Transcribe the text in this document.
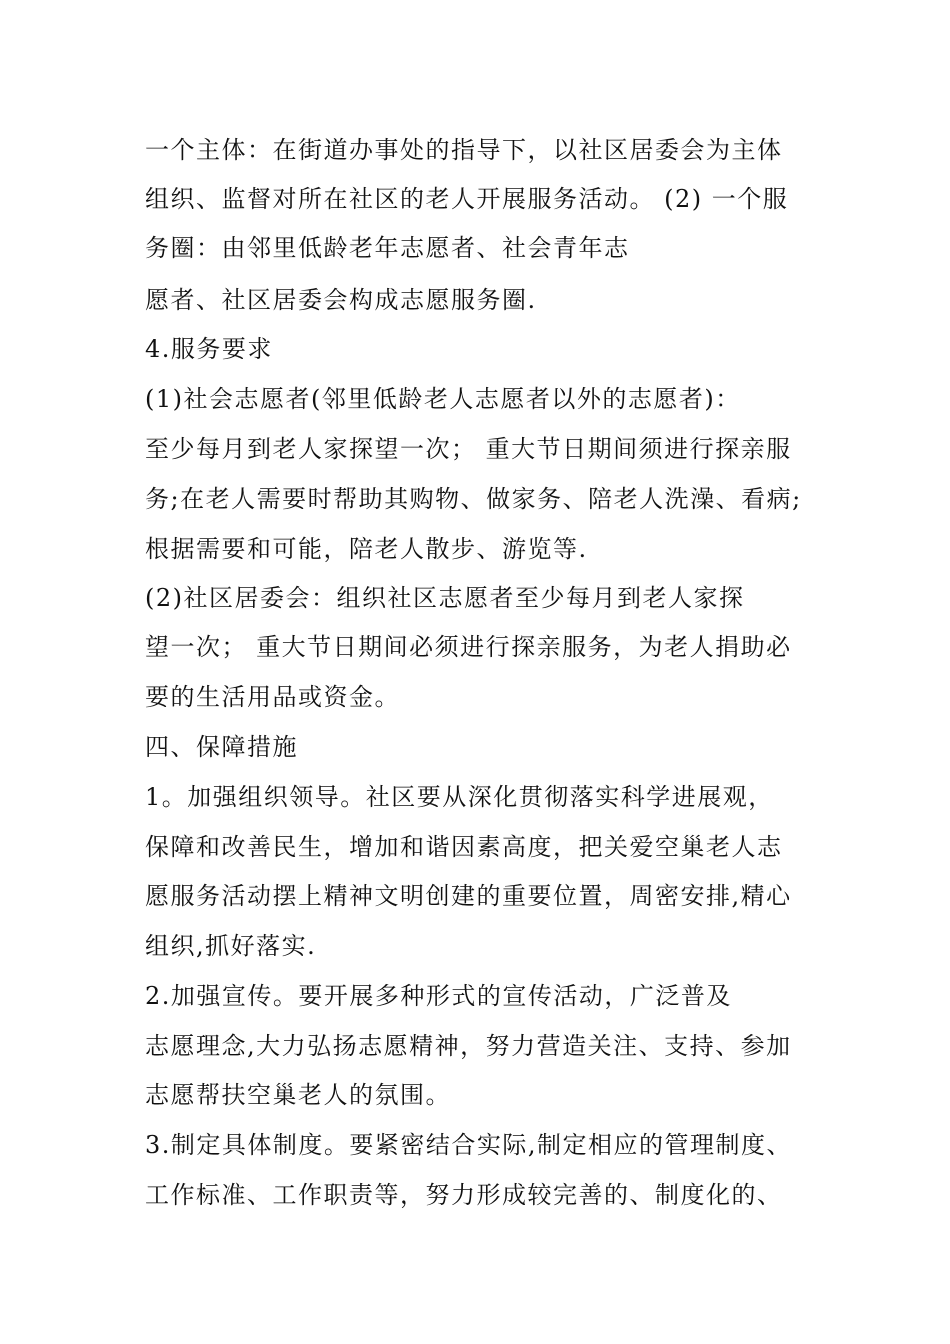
一个主体：在街道办事处的指导下，以社区居委会为主体
组织、监督对所在社区的老人开展服务活动。 (2) 一个服
务圈：由邻里低龄老年志愿者、社会青年志
愿者、社区居委会构成志愿服务圈.
4.服务要求
(1)社会志愿者(邻里低龄老人志愿者以外的志愿者)：
至少每月到老人家探望一次； 重大节日期间须进行探亲服
务;在老人需要时帮助其购物、做家务、陪老人洗澡、看病;
根据需要和可能，陪老人散步、游览等.
(2)社区居委会：组织社区志愿者至少每月到老人家探
望一次； 重大节日期间必须进行探亲服务，为老人捐助必
要的生活用品或资金。
四、保障措施
1。加强组织领导。社区要从深化贯彻落实科学进展观，
保障和改善民生，增加和谐因素高度，把关爱空巢老人志
愿服务活动摆上精神文明创建的重要位置，周密安排,精心
组织,抓好落实.
2.加强宣传。要开展多种形式的宣传活动，广泛普及
志愿理念,大力弘扬志愿精神，努力营造关注、支持、参加
志愿帮扶空巢老人的氛围。
3.制定具体制度。要紧密结合实际,制定相应的管理制度、
工作标准、工作职责等，努力形成较完善的、制度化的、
